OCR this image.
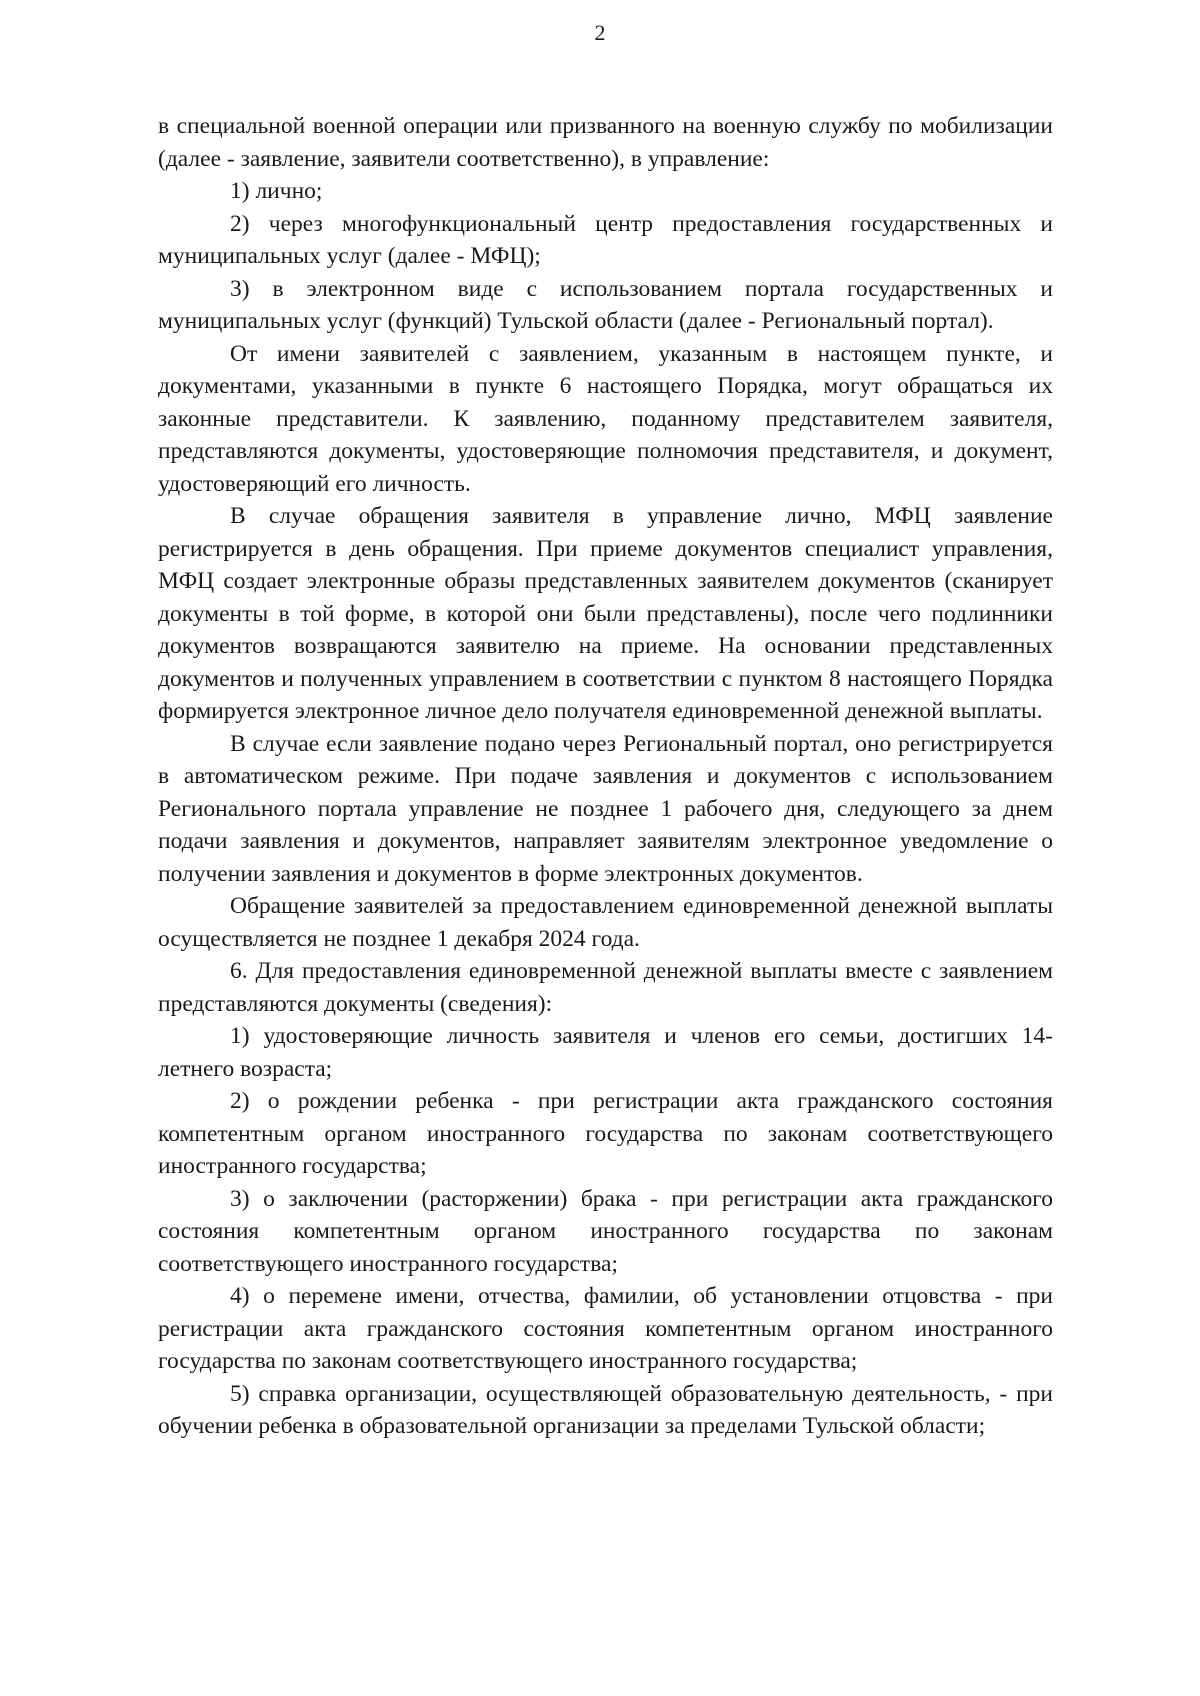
2

в специальной военной операции или призванного на военную службу по мобилизации (далее - заявление, заявители соответственно), в управление:

1) лично;

2) через многофункциональный центр предоставления государственных и муниципальных услуг (далее - МФЦ);

3) в электронном виде с использованием портала государственных и муниципальных услуг (функций) Тульской области (далее - Региональный портал).

От имени заявителей с заявлением, указанным в настоящем пункте, и документами, указанными в пункте 6 настоящего Порядка, могут обращаться их законные представители. К заявлению, поданному представителем заявителя, представляются документы, удостоверяющие полномочия представителя, и документ, удостоверяющий его личность.

В случае обращения заявителя в управление лично, МФЦ заявление регистрируется в день обращения. При приеме документов специалист управления, МФЦ создает электронные образы представленных заявителем документов (сканирует документы в той форме, в которой они были представлены), после чего подлинники документов возвращаются заявителю на приеме. На основании представленных документов и полученных управлением в соответствии с пунктом 8 настоящего Порядка формируется электронное личное дело получателя единовременной денежной выплаты.

В случае если заявление подано через Региональный портал, оно регистрируется в автоматическом режиме. При подаче заявления и документов с использованием Регионального портала управление не позднее 1 рабочего дня, следующего за днем подачи заявления и документов, направляет заявителям электронное уведомление о получении заявления и документов в форме электронных документов.

Обращение заявителей за предоставлением единовременной денежной выплаты осуществляется не позднее 1 декабря 2024 года.

6. Для предоставления единовременной денежной выплаты вместе с заявлением представляются документы (сведения):

1) удостоверяющие личность заявителя и членов его семьи, достигших 14-летнего возраста;

2) о рождении ребенка - при регистрации акта гражданского состояния компетентным органом иностранного государства по законам соответствующего иностранного государства;

3) о заключении (расторжении) брака - при регистрации акта гражданского состояния компетентным органом иностранного государства по законам соответствующего иностранного государства;

4) о перемене имени, отчества, фамилии, об установлении отцовства - при регистрации акта гражданского состояния компетентным органом иностранного государства по законам соответствующего иностранного государства;

5) справка организации, осуществляющей образовательную деятельность, - при обучении ребенка в образовательной организации за пределами Тульской области;
